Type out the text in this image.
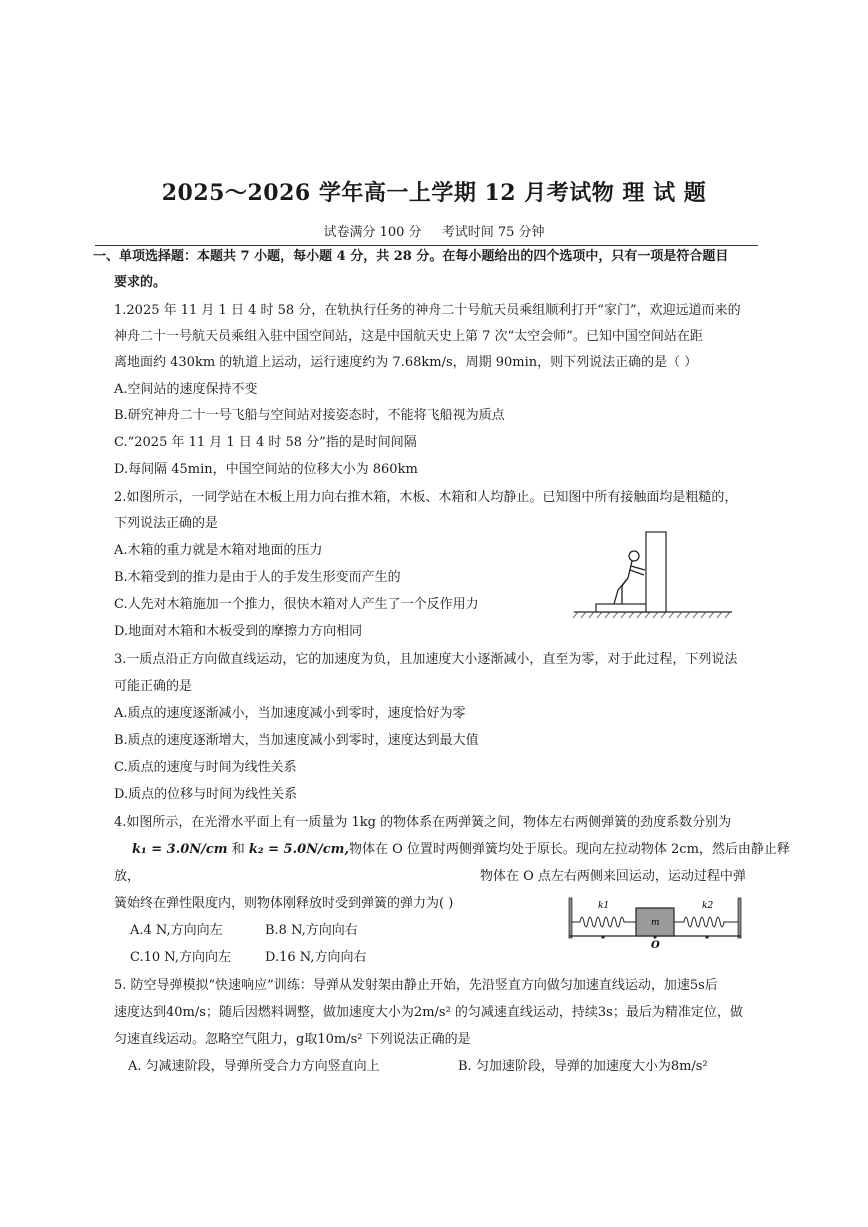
2025～2026 学年高一上学期 12 月考试物 理 试 题
试卷满分 100 分 考试时间 75 分钟
一、单项选择题：本题共 7 小题，每小题 4 分，共 28 分。在每小题给出的四个选项中，只有一项是符合题目
要求的。
1.2025 年 11 月 1 日 4 时 58 分，在轨执行任务的神舟二十号航天员乘组顺利打开“家门”，欢迎远道而来的
神舟二十一号航天员乘组入驻中国空间站，这是中国航天史上第 7 次“太空会师”。已知中国空间站在距
离地面约 430km 的轨道上运动，运行速度约为 7.68km/s，周期 90min，则下列说法正确的是（ ）
A.空间站的速度保持不变
B.研究神舟二十一号飞船与空间站对接姿态时，不能将飞船视为质点
C.“2025 年 11 月 1 日 4 时 58 分”指的是时间间隔
D.每间隔 45min，中国空间站的位移大小为 860km
2.如图所示，一同学站在木板上用力向右推木箱，木板、木箱和人均静止。已知图中所有接触面均是粗糙的，
下列说法正确的是
A.木箱的重力就是木箱对地面的压力
B.木箱受到的推力是由于人的手发生形变而产生的
C.人先对木箱施加一个推力，很快木箱对人产生了一个反作用力
D.地面对木箱和木板受到的摩擦力方向相同
3.一质点沿正方向做直线运动，它的加速度为负，且加速度大小逐渐减小，直至为零，对于此过程，下列说法
可能正确的是
A.质点的速度逐渐减小，当加速度减小到零时，速度恰好为零
B.质点的速度逐渐增大，当加速度减小到零时，速度达到最大值
C.质点的速度与时间为线性关系
D.质点的位移与时间为线性关系
4.如图所示，在光滑水平面上有一质量为 1kg 的物体系在两弹簧之间，物体左右两侧弹簧的劲度系数分别为
k₁ = 3.0N/cm 和 k₂ = 5.0N/cm,物体在 O 位置时两侧弹簧均处于原长。现向左拉动物体 2cm，然后由静止释
放，	物体在 O 点左右两侧来回运动，运动过程中弹
簧始终在弹性限度内，则物体刚释放时受到弹簧的弹力为( )
A.4 N,方向向左	B.8 N,方向向右
C.10 N,方向向左	D.16 N,方向向右
k1	k2
m
O
5. 防空导弹模拟“快速响应”训练：导弹从发射架由静止开始，先沿竖直方向做匀加速直线运动，加速5s后
速度达到40m/s；随后因燃料调整，做加速度大小为2m/s² 的匀减速直线运动，持续3s；最后为精准定位，做
匀速直线运动。忽略空气阻力，g取10m/s² 下列说法正确的是
A. 匀减速阶段，导弹所受合力方向竖直向上	B. 匀加速阶段，导弹的加速度大小为8m/s²
